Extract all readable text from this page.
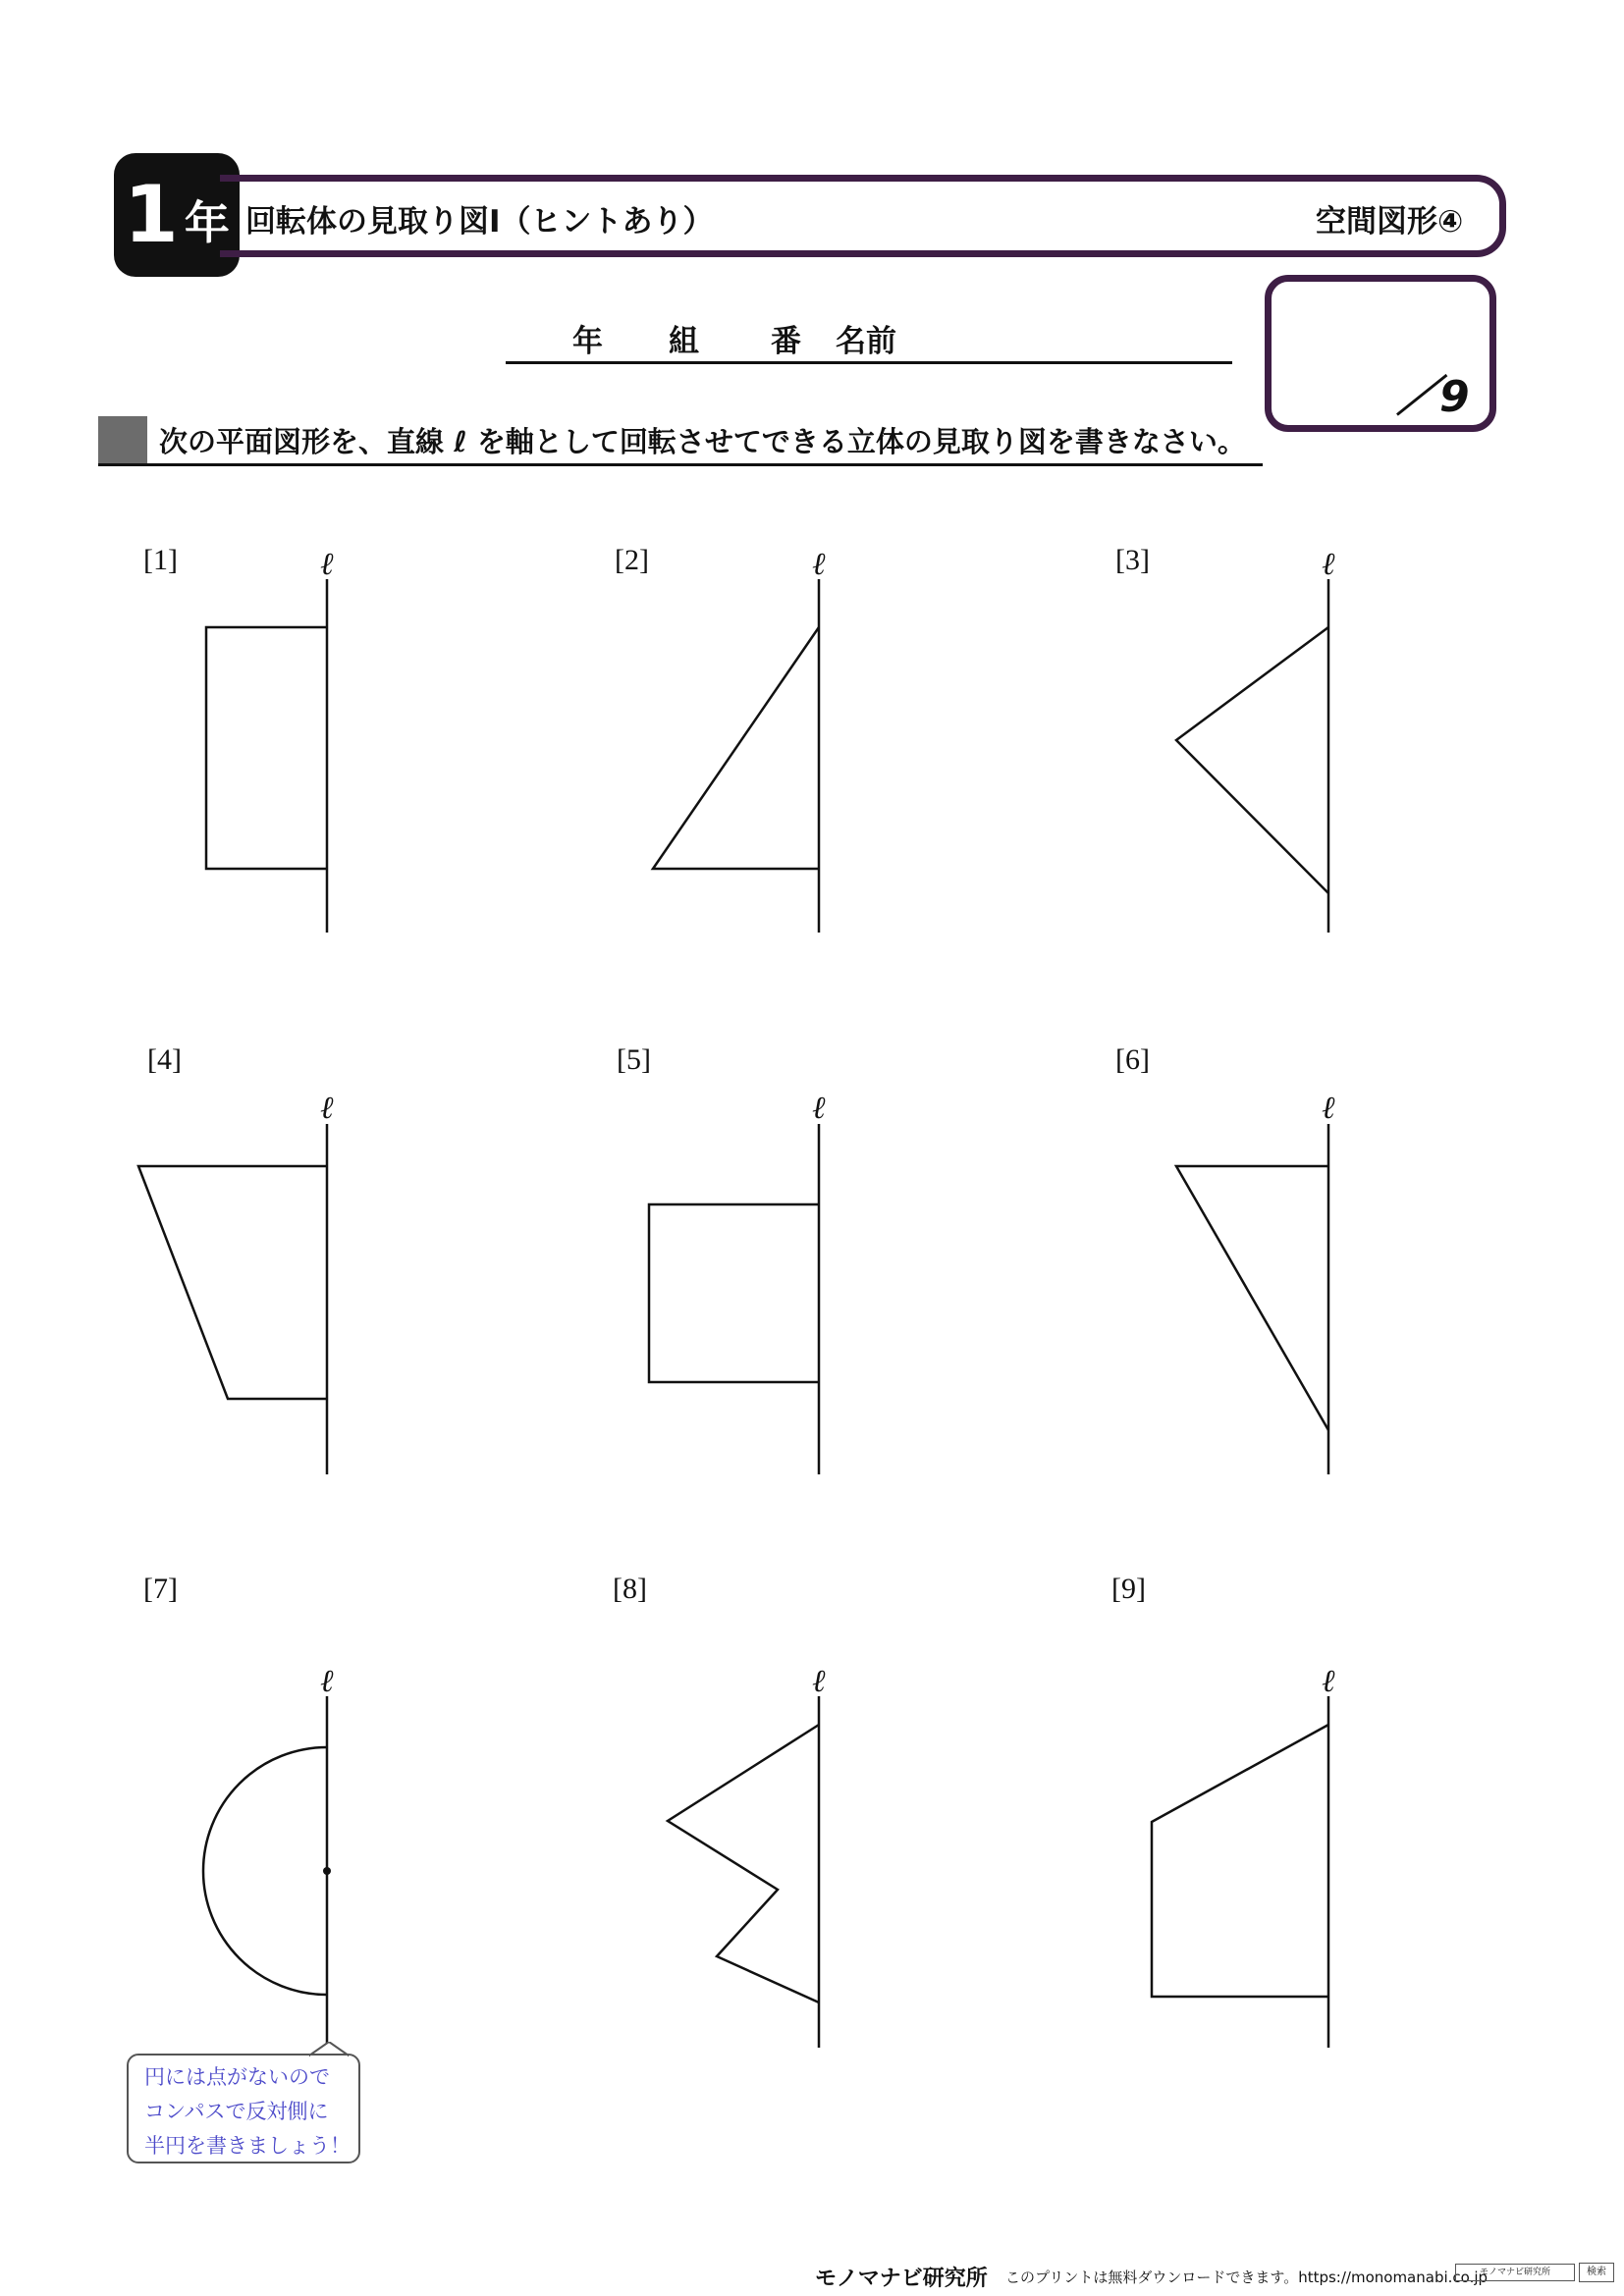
1 年 回転体の見取り図Ⅰ（ヒントあり）	空間図形④
年 組 番 名前
／9
次の平面図形を、直線 ℓ を軸として回転させてできる立体の見取り図を書きなさい。
[1]	[2]	[3]
[4]	[5]	[6]
[7]	[8]	[9]
ℓ	ℓ	ℓ
ℓ	ℓ	ℓ
ℓ	ℓ	ℓ
円には点がないので
コンパスで反対側に
半円を書きましょう！
モノマナビ研究所 このプリントは無料ダウンロードできます。https://monomanabi.co.jp
モノマナビ研究所	検索
